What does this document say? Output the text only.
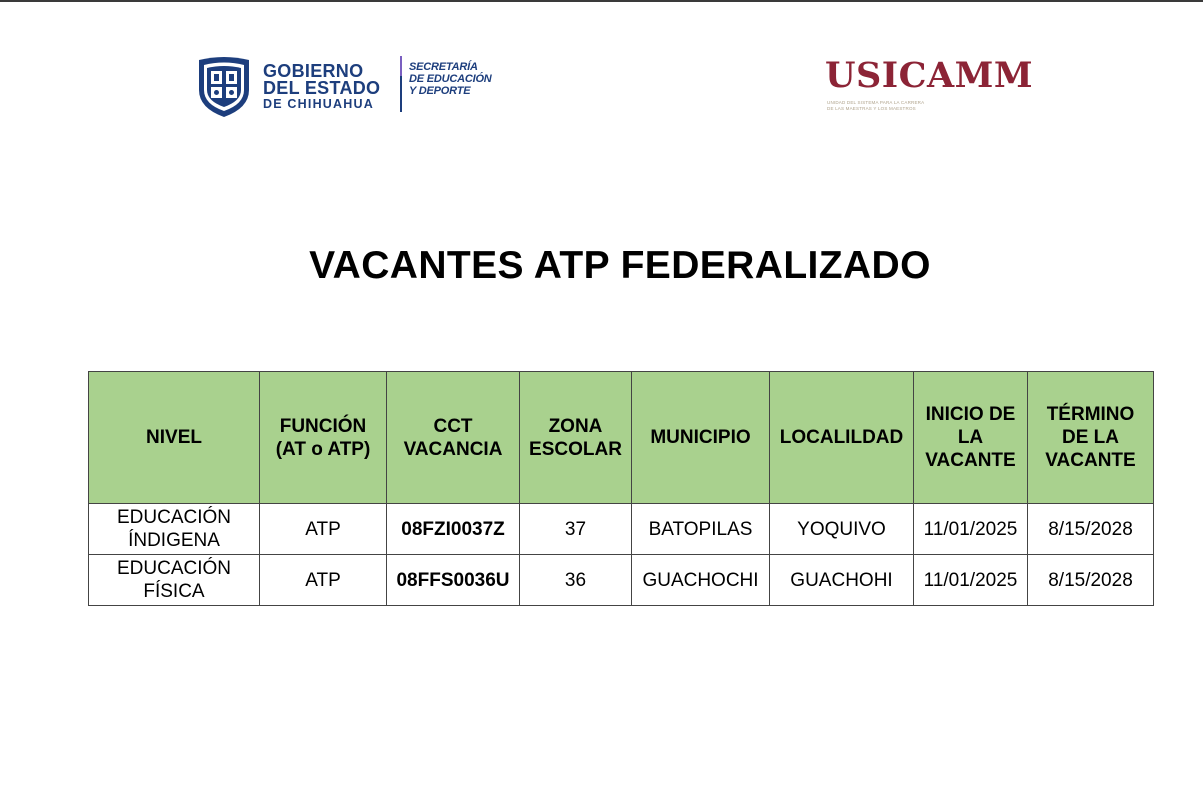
GOBIERNO
DEL ESTADO
DE CHIHUAHUA
SECRETARÍA
DE EDUCACIÓN
Y DEPORTE	USICAMM
UNIDAD DEL SISTEMA PARA LA CARRERA
DE LAS MAESTRAS Y LOS MAESTROS
VACANTES ATP FEDERALIZADO
NIVEL	FUNCIÓN (AT o ATP)	CCT VACANCIA	ZONA ESCOLAR	MUNICIPIO	LOCALILDAD	INICIO DE LA VACANTE	TÉRMINO DE LA VACANTE
EDUCACIÓN ÍNDIGENA	ATP	08FZI0037Z	37	BATOPILAS	YOQUIVO	11/01/2025	8/15/2028
EDUCACIÓN FÍSICA	ATP	08FFS0036U	36	GUACHOCHI	GUACHOHI	11/01/2025	8/15/2028
